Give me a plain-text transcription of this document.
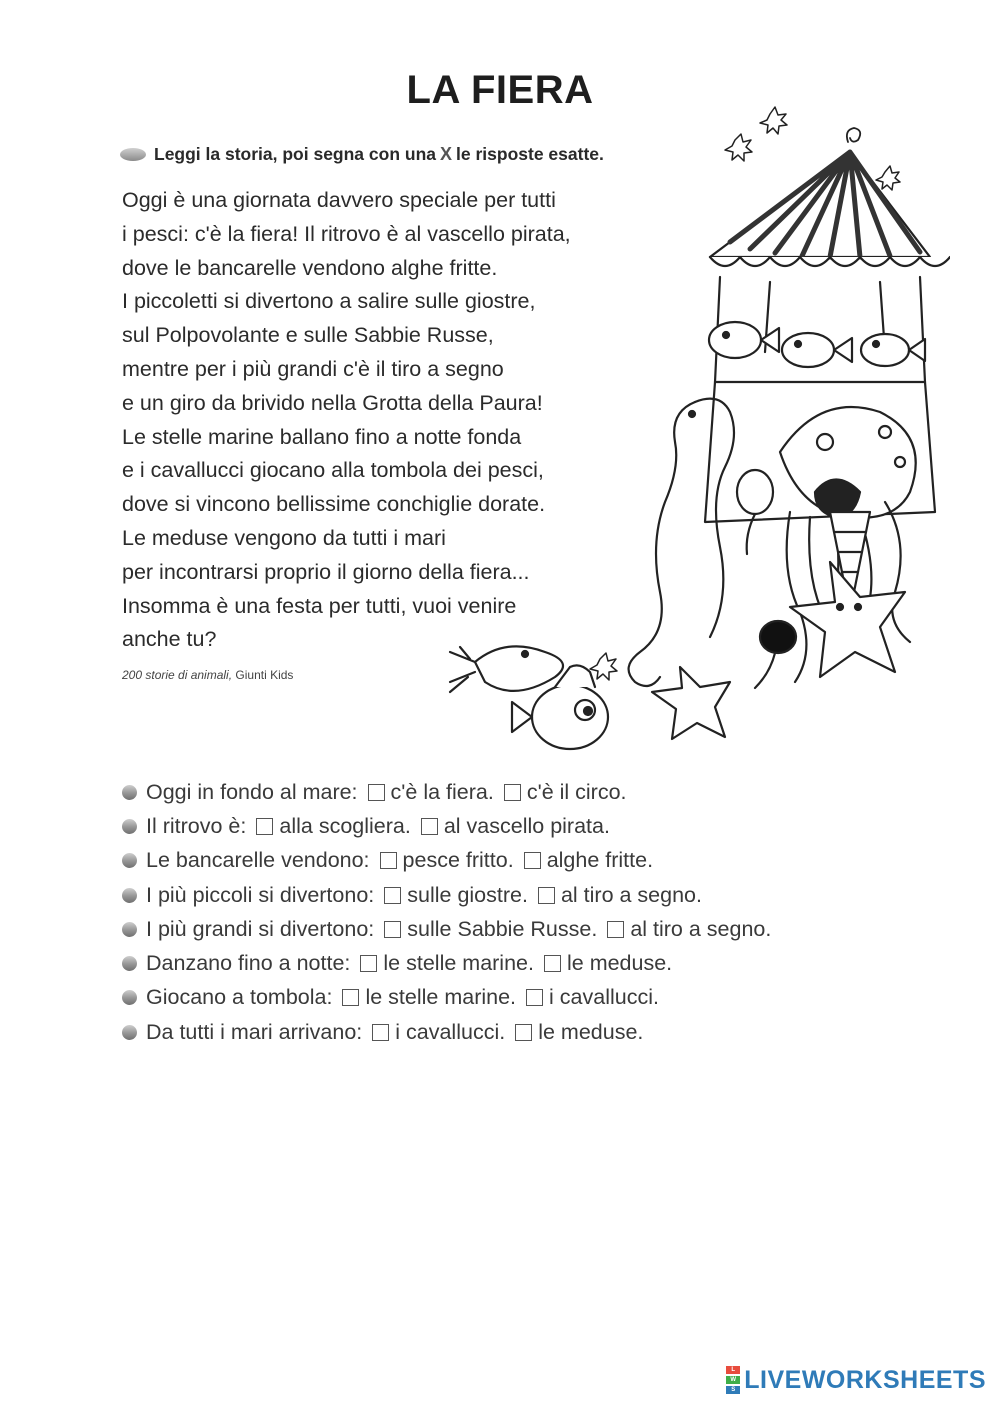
LA FIERA
Leggi la storia, poi segna con una X le risposte esatte.
Oggi è una giornata davvero speciale per tutti
i pesci: c'è la fiera! Il ritrovo è al vascello pirata,
dove le bancarelle vendono alghe fritte.
I piccoletti si divertono a salire sulle giostre,
sul Polpovolante e sulle Sabbie Russe,
mentre per i più grandi c'è il tiro a segno
e un giro da brivido nella Grotta della Paura!
Le stelle marine ballano fino a notte fonda
e i cavallucci giocano alla tombola dei pesci,
dove si vincono bellissime conchiglie dorate.
Le meduse vengono da tutti i mari
per incontrarsi proprio il giorno della fiera...
Insomma è una festa per tutti, vuoi venire
anche tu?
200 storie di animali, Giunti Kids
Oggi in fondo al mare: c'è la fiera. c'è il circo.
Il ritrovo è: alla scogliera. al vascello pirata.
Le bancarelle vendono: pesce fritto. alghe fritte.
I più piccoli si divertono: sulle giostre. al tiro a segno.
I più grandi si divertono: sulle Sabbie Russe. al tiro a segno.
Danzano fino a notte: le stelle marine. le meduse.
Giocano a tombola: le stelle marine. i cavallucci.
Da tutti i mari arrivano: i cavallucci. le meduse.
L
W
S LIVEWORKSHEETS
